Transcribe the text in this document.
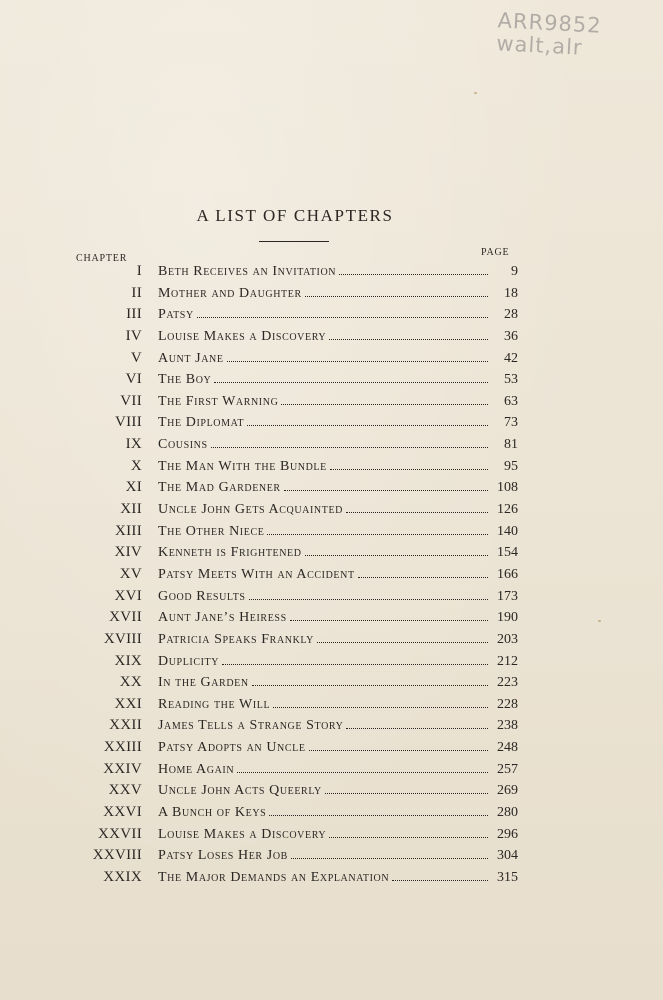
ARR9852
walt,alr
A LIST OF CHAPTERS
CHAPTER
PAGE
I	Beth Receives an Invitation	9
II	Mother and Daughter	18
III	Patsy	28
IV	Louise Makes a Discovery	36
V	Aunt Jane	42
VI	The Boy	53
VII	The First Warning	63
VIII	The Diplomat	73
IX	Cousins	81
X	The Man With the Bundle	95
XI	The Mad Gardener	108
XII	Uncle John Gets Acquainted	126
XIII	The Other Niece	140
XIV	Kenneth is Frightened	154
XV	Patsy Meets With an Accident	166
XVI	Good Results	173
XVII	Aunt Jane’s Heiress	190
XVIII	Patricia Speaks Frankly	203
XIX	Duplicity	212
XX	In the Garden	223
XXI	Reading the Will	228
XXII	James Tells a Strange Story	238
XXIII	Patsy Adopts an Uncle	248
XXIV	Home Again	257
XXV	Uncle John Acts Queerly	269
XXVI	A Bunch of Keys	280
XXVII	Louise Makes a Discovery	296
XXVIII	Patsy Loses Her Job	304
XXIX	The Major Demands an Explanation	315
